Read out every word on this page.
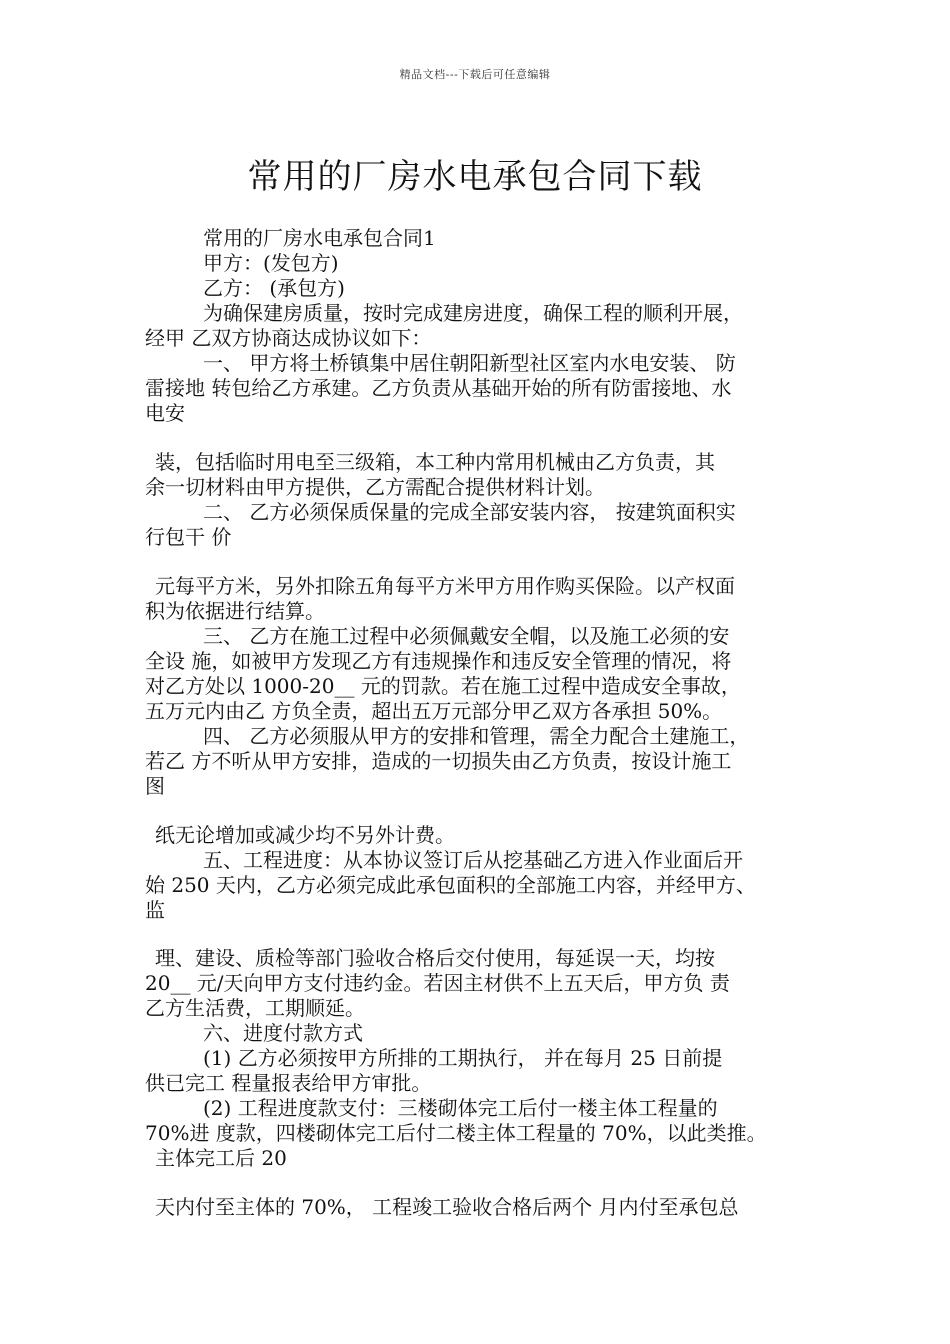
精品文档---下载后可任意编辑
常用的厂房水电承包合同下载
常用的厂房水电承包合同1
甲方：(发包方)
乙方： (承包方)
为确保建房质量，按时完成建房进度，确保工程的顺利开展，
经甲 乙双方协商达成协议如下：
一、 甲方将土桥镇集中居住朝阳新型社区室内水电安装、 防
雷接地 转包给乙方承建。乙方负责从基础开始的所有防雷接地、水
电安
装，包括临时用电至三级箱，本工种内常用机械由乙方负责，其
余一切材料由甲方提供，乙方需配合提供材料计划。
二、 乙方必须保质保量的完成全部安装内容， 按建筑面积实
行包干 价
元每平方米，另外扣除五角每平方米甲方用作购买保险。以产权面
积为依据进行结算。
三、 乙方在施工过程中必须佩戴安全帽，以及施工必须的安
全设 施，如被甲方发现乙方有违规操作和违反安全管理的情况，将
对乙方处以 1000-20__ 元的罚款。若在施工过程中造成安全事故，
五万元内由乙 方负全责，超出五万元部分甲乙双方各承担 50%。
四、 乙方必须服从甲方的安排和管理，需全力配合土建施工，
若乙 方不听从甲方安排，造成的一切损失由乙方负责，按设计施工
图
纸无论增加或减少均不另外计费。
五、工程进度：从本协议签订后从挖基础乙方进入作业面后开
始 250 天内，乙方必须完成此承包面积的全部施工内容，并经甲方、
监
理、建设、质检等部门验收合格后交付使用，每延误一天，均按
20__ 元/天向甲方支付违约金。若因主材供不上五天后，甲方负 责
乙方生活费，工期顺延。
六、进度付款方式
(1) 乙方必须按甲方所排的工期执行， 并在每月 25 日前提
供已完工 程量报表给甲方审批。
(2) 工程进度款支付：三楼砌体完工后付一楼主体工程量的
70%进 度款，四楼砌体完工后付二楼主体工程量的 70%，以此类推。
主体完工后 20
天内付至主体的 70%， 工程竣工验收合格后两个 月内付至承包总
